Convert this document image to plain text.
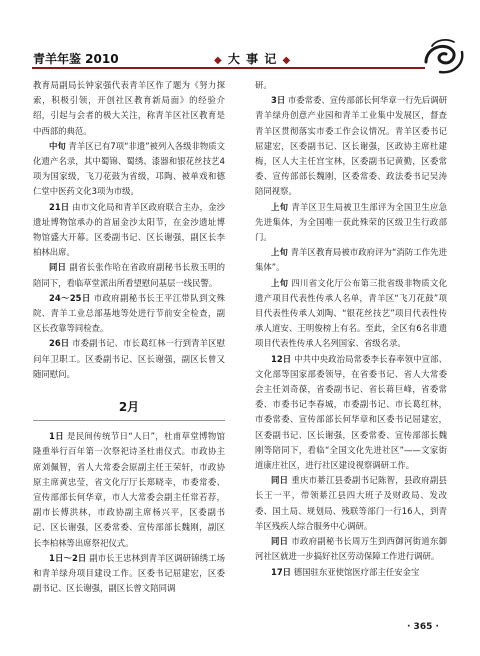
青羊年鉴 2010	◆ 大 事 记 ◆

教育局副局长钟家强代表青羊区作了题为《努力探索，积极引领，开创社区教育新局面》的经验介绍，引起与会者的极大关注，称青羊区社区教育是中西部的典范。

中旬 青羊区已有7项“非遗”被列入各级非物质文化遗产名录，其中蜀锦、蜀绣、漆器和银花丝技艺4项为国家级，飞刀花鼓为省级，邛陶、被单戏和德仁堂中医药文化3项为市级。

21日 由市文化局和青羊区政府联合主办，金沙遗址博物馆承办的首届金沙太阳节，在金沙遗址博物馆盛大开幕。区委副书记、区长谢强，副区长李柏林出席。

同日 副省长张作哈在省政府副秘书长敖玉明的陪同下，看临草堂派出所看望慰问基层一线民警。

24～25日 市政府副秘书长王平江带队到文殊院、青羊工业总部基地等处进行节前安全检查，副区长孜靠等同检查。

26日 市委副书记、市长葛红林一行到青羊区慰问年卫职工。区委副书记、区长谢强，副区长曾又随同慰问。

2月

1日 是民间传统节日“人日”，杜甫草堂博物馆隆重举行百年第一次祭祀诗圣杜甫仪式。市政协主席刘佩智，省人大常委会原副主任王荣轩，市政协原主席黄忠莹，省文化厅厅长郑晓幸，市委常委、宣传部部长何华章，市人大常委会副主任常若荐，副市长傅洪林，市政协副主席杨兴平，区委副书记、区长谢强，区委常委、宣传部部长魏刚，副区长李柏林等出席祭祀仪式。

1日～2日 副市长王忠林到青羊区调研锦绣工场和青羊绿舟项目建设工作。区委书记屈建宏，区委副书记、区长谢强，副区长曾文陪同调

研。

3日 市委常委、宣传部部长何华章一行先后调研青羊绿舟创意产业园和青羊工业集中发展区，督查青羊区贯彻落实市委工作会议情况。青羊区委书记屈建宏，区委副书记、区长谢强，区政协主席杜建梅，区人大主任宫宝林，区委副书记黄勤，区委常委、宣传部部长魏刚，区委常委、政法委书记吴涛陪同视察。

上旬 青羊区卫生局被卫生部评为全国卫生应急先进集体，为全国唯一获此殊荣的区级卫生行政部门。

上旬 青羊区教育局被市政府评为“消防工作先进集体”。

上旬 四川省文化厅公布第三批省级非物质文化遗产项目代表性传承人名单，青羊区“飞刀花鼓”项目代表性传承人刘陶、“银花丝技艺”项目代表性传承人道安、王明俊榜上有名。至此，全区有6名非遗项目代表性传承人名列国家、省级名录。

12日 中共中央政治局常委李长春率领中宣部、文化部等国家部委领导，在省委书记、省人大常委会主任刘奇葆，省委副书记、省长蒋巨峰，省委常委、市委书记李春城，市委副书记、市长葛红林，市委常委、宣传部部长何华章和区委书记屈建宏，区委副书记、区长谢强，区委常委、宣传部部长魏刚等陪同下，看临“全国文化先进社区”——文家街道康庄社区，进行社区建设视察调研工作。

同日 重庆市綦江县委副书记陈智，县政府副县长王一平，带领綦江县四大班子及财政局、发改委、国土局、规划局、残联等部门一行16人，到青羊区残疾人综合服务中心调研。

同日 市政府副秘书长周万生到西御河街道东御河社区就进一步搞好社区劳动保障工作进行调研。

17日 德国驻东亚使馆医疗部主任安金宝

· 365 ·
